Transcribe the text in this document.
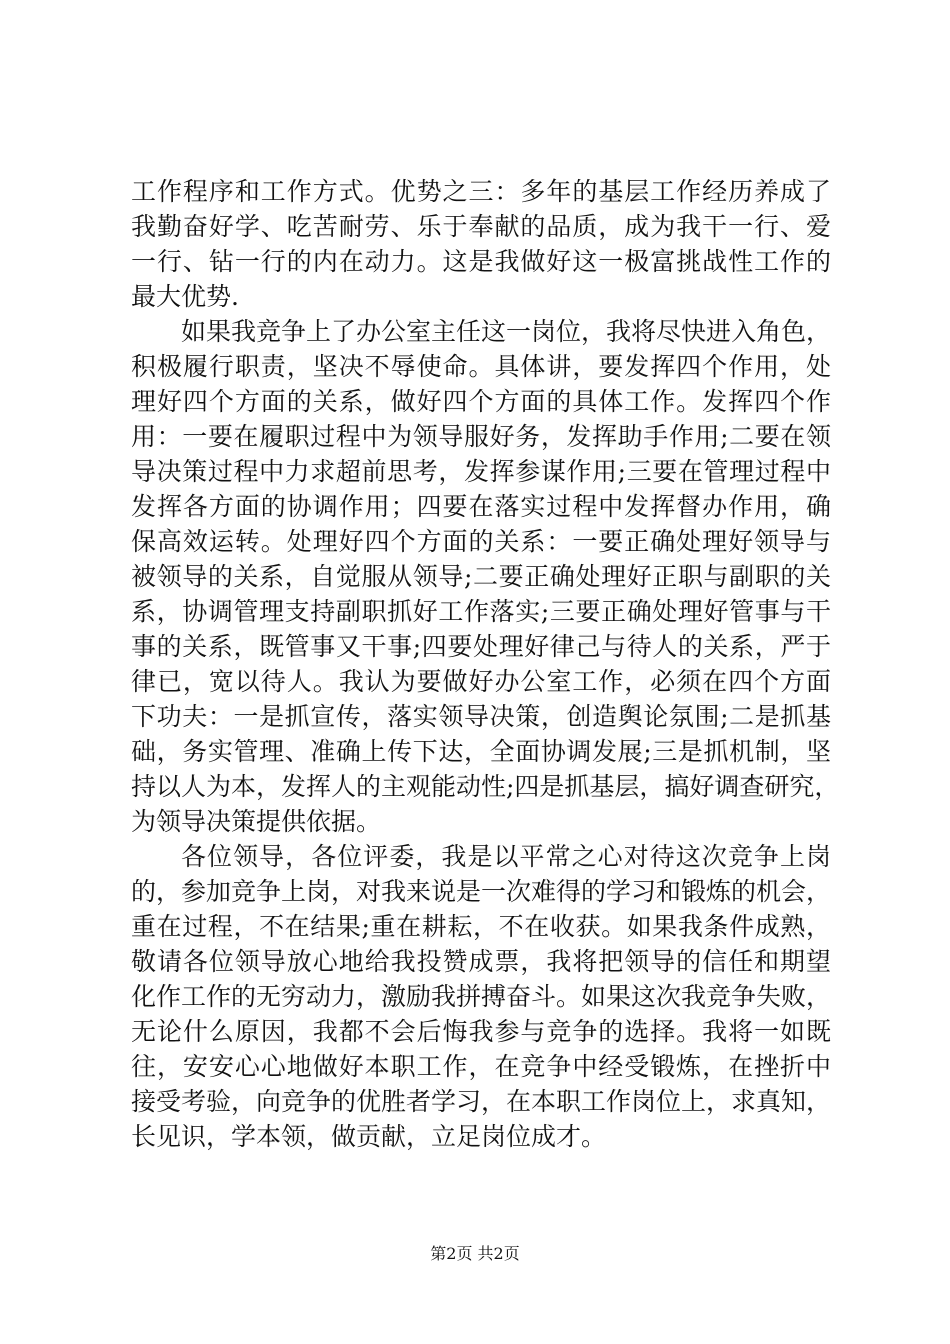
工作程序和工作方式。优势之三：多年的基层工作经历养成了
我勤奋好学、吃苦耐劳、乐于奉献的品质，成为我干一行、爱
一行、钻一行的内在动力。这是我做好这一极富挑战性工作的
最大优势.
如果我竞争上了办公室主任这一岗位，我将尽快进入角色，
积极履行职责，坚决不辱使命。具体讲，要发挥四个作用，处
理好四个方面的关系，做好四个方面的具体工作。发挥四个作
用：一要在履职过程中为领导服好务，发挥助手作用;二要在领
导决策过程中力求超前思考，发挥参谋作用;三要在管理过程中
发挥各方面的协调作用；四要在落实过程中发挥督办作用，确
保高效运转。处理好四个方面的关系：一要正确处理好领导与
被领导的关系，自觉服从领导;二要正确处理好正职与副职的关
系，协调管理支持副职抓好工作落实;三要正确处理好管事与干
事的关系，既管事又干事;四要处理好律己与待人的关系，严于
律已，宽以待人。我认为要做好办公室工作，必须在四个方面
下功夫：一是抓宣传，落实领导决策，创造舆论氛围;二是抓基
础，务实管理、准确上传下达，全面协调发展;三是抓机制，坚
持以人为本，发挥人的主观能动性;四是抓基层，搞好调查研究，
为领导决策提供依据。
各位领导，各位评委，我是以平常之心对待这次竞争上岗
的，参加竞争上岗，对我来说是一次难得的学习和锻炼的机会，
重在过程，不在结果;重在耕耘，不在收获。如果我条件成熟，
敬请各位领导放心地给我投赞成票，我将把领导的信任和期望
化作工作的无穷动力，激励我拼搏奋斗。如果这次我竞争失败，
无论什么原因，我都不会后悔我参与竞争的选择。我将一如既
往，安安心心地做好本职工作，在竞争中经受锻炼，在挫折中
接受考验，向竞争的优胜者学习，在本职工作岗位上，求真知，
长见识，学本领，做贡献，立足岗位成才。
第2页 共2页
